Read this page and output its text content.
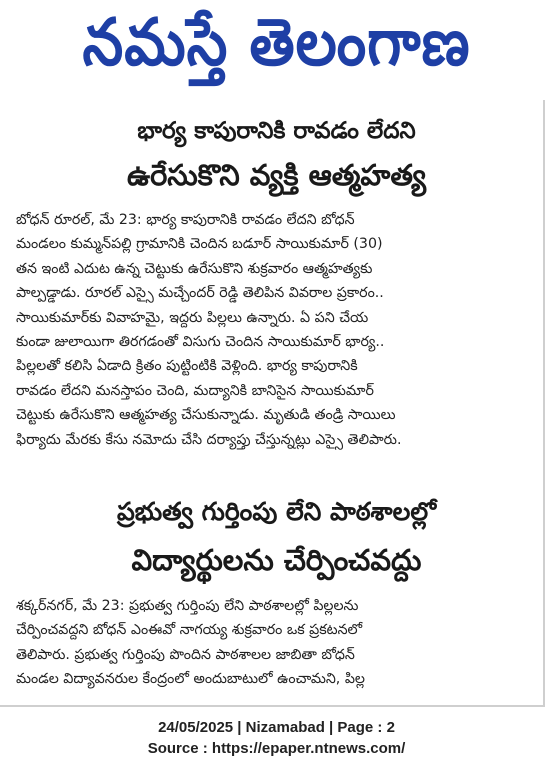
నమస్తే తెలంగాణ
భార్య కాపురానికి రావడం లేదని
ఉరేసుకొని వ్యక్తి ఆత్మహత్య
బోధన్ రూరల్, మే 23: భార్య కాపురానికి రావడం లేదని బోధన్
మండలం కుమ్మన్‌పల్లి గ్రామానికి చెందిన బడూర్ సాయికుమార్ (30)
తన ఇంటి ఎదుట ఉన్న చెట్టుకు ఉరేసుకొని శుక్రవారం ఆత్మహత్యకు
పాల్పడ్డాడు. రూరల్ ఎస్సై మచ్చేందర్ రెడ్డి తెలిపిన వివరాల ప్రకారం..
సాయికుమార్‌కు వివాహమై, ఇద్దరు పిల్లలు ఉన్నారు. ఏ పని చేయ
కుండా జులాయిగా తిరగడంతో విసుగు చెందిన సాయికుమార్ భార్య..
పిల్లలతో కలిసి ఏడాది క్రితం పుట్టింటికి వెళ్లింది. భార్య కాపురానికి
రావడం లేదని మనస్తాపం చెంది, మద్యానికి బానిసైన సాయికుమార్
చెట్టుకు ఉరేసుకొని ఆత్మహత్య చేసుకున్నాడు. మృతుడి తండ్రి సాయిలు
ఫిర్యాదు మేరకు కేసు నమోదు చేసి దర్యాప్తు చేస్తున్నట్లు ఎస్సై తెలిపారు.
ప్రభుత్వ గుర్తింపు లేని పాఠశాలల్లో
విద్యార్థులను చేర్పించవద్దు
శక్కర్‌నగర్, మే 23: ప్రభుత్వ గుర్తింపు లేని పాఠశాలల్లో పిల్లలను
చేర్పించవద్దని బోధన్ ఎంఈవో నాగయ్య శుక్రవారం ఒక ప్రకటనలో
తెలిపారు. ప్రభుత్వ గుర్తింపు పొందిన పాఠశాలల జాబితా బోధన్
మండల విద్యావనరుల కేంద్రంలో అందుబాటులో ఉంచామని, పిల్ల
24/05/2025 | Nizamabad | Page : 2
Source : https://epaper.ntnews.com/
